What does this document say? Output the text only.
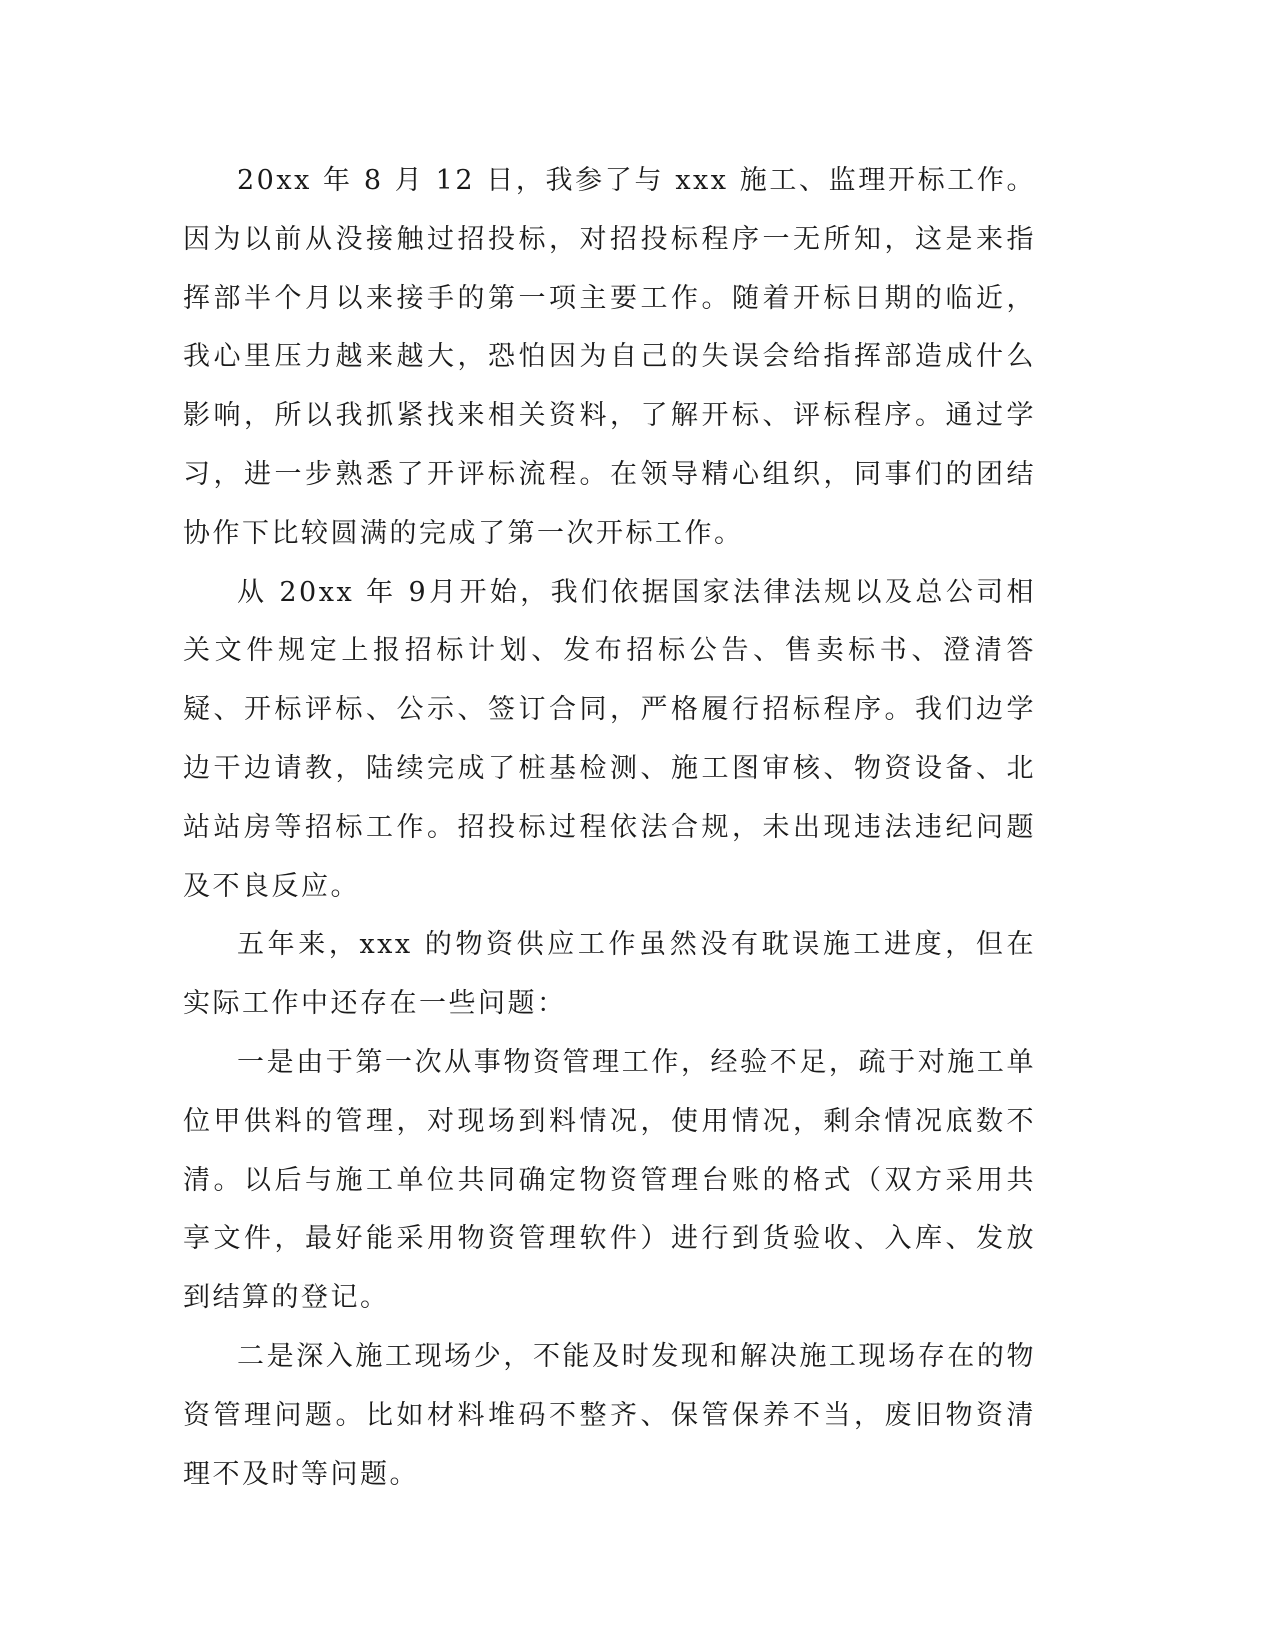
20xx 年 8 月 12 日，我参了与 xxx 施工、监理开标工作。因为以前从没接触过招投标，对招投标程序一无所知，这是来指挥部半个月以来接手的第一项主要工作。随着开标日期的临近，我心里压力越来越大，恐怕因为自己的失误会给指挥部造成什么影响，所以我抓紧找来相关资料，了解开标、评标程序。通过学习，进一步熟悉了开评标流程。在领导精心组织，同事们的团结协作下比较圆满的完成了第一次开标工作。

从 20xx 年 9月开始，我们依据国家法律法规以及总公司相关文件规定上报招标计划、发布招标公告、售卖标书、澄清答疑、开标评标、公示、签订合同，严格履行招标程序。我们边学边干边请教，陆续完成了桩基检测、施工图审核、物资设备、北站站房等招标工作。招投标过程依法合规，未出现违法违纪问题及不良反应。

五年来，xxx 的物资供应工作虽然没有耽误施工进度，但在实际工作中还存在一些问题：

一是由于第一次从事物资管理工作，经验不足，疏于对施工单位甲供料的管理，对现场到料情况，使用情况，剩余情况底数不清。以后与施工单位共同确定物资管理台账的格式（双方采用共享文件，最好能采用物资管理软件）进行到货验收、入库、发放到结算的登记。

二是深入施工现场少，不能及时发现和解决施工现场存在的物资管理问题。比如材料堆码不整齐、保管保养不当，废旧物资清理不及时等问题。
